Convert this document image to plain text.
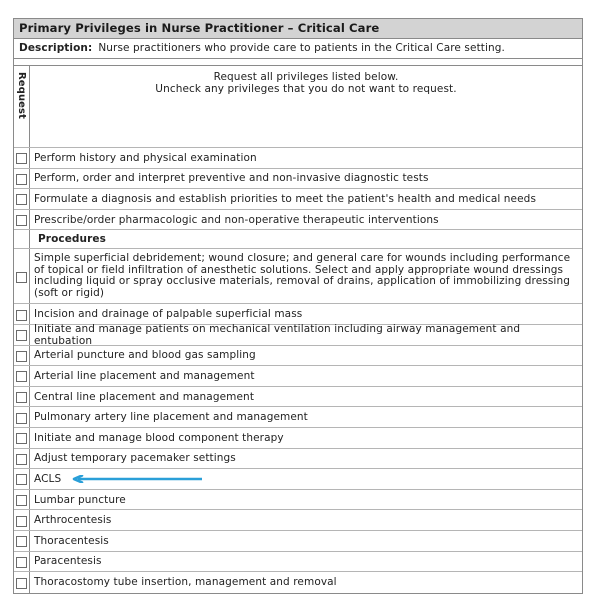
Primary Privileges in Nurse Practitioner – Critical Care
Description: Nurse practitioners who provide care to patients in the Critical Care setting.
Request	Request all privileges listed below.
Uncheck any privileges that you do not want to request.
Perform history and physical examination
Perform, order and interpret preventive and non-invasive diagnostic tests
Formulate a diagnosis and establish priorities to meet the patient's health and medical needs
Prescribe/order pharmacologic and non-operative therapeutic interventions
Procedures
Simple superficial debridement; wound closure; and general care for wounds including performance of topical or field infiltration of anesthetic solutions. Select and apply appropriate wound dressings including liquid or spray occlusive materials, removal of drains, application of immobilizing dressing (soft or rigid)
Incision and drainage of palpable superficial mass
Initiate and manage patients on mechanical ventilation including airway management and entubation
Arterial puncture and blood gas sampling
Arterial line placement and management
Central line placement and management
Pulmonary artery line placement and management
Initiate and manage blood component therapy
Adjust temporary pacemaker settings
ACLS
Lumbar puncture
Arthrocentesis
Thoracentesis
Paracentesis
Thoracostomy tube insertion, management and removal
